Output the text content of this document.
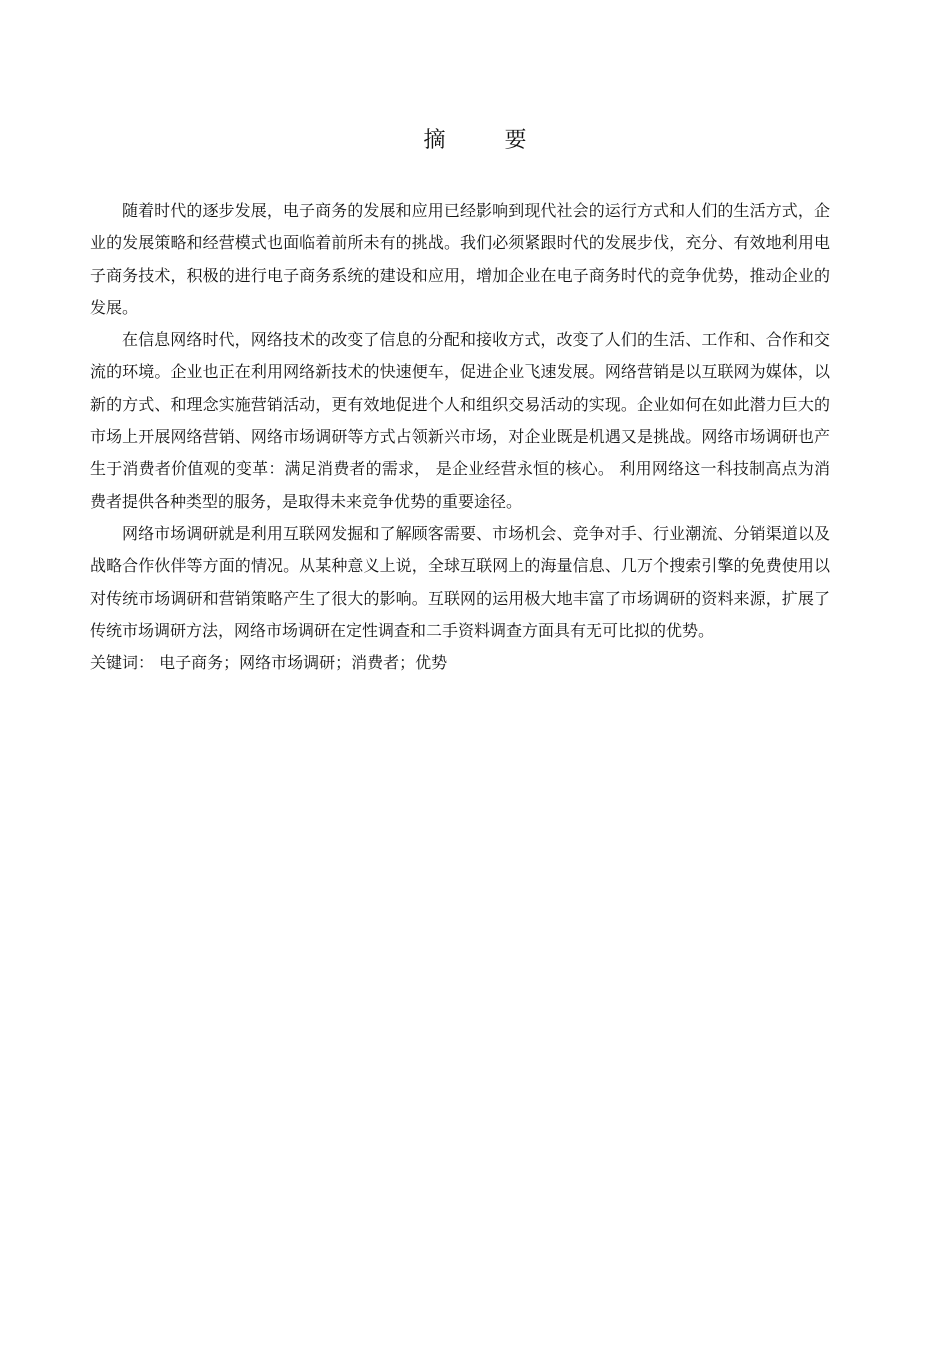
摘 要

随着时代的逐步发展，电子商务的发展和应用已经影响到现代社会的运行方式和人们的生活方式，企业的发展策略和经营模式也面临着前所未有的挑战。我们必须紧跟时代的发展步伐，充分、有效地利用电子商务技术，积极的进行电子商务系统的建设和应用，增加企业在电子商务时代的竞争优势，推动企业的发展。

在信息网络时代，网络技术的改变了信息的分配和接收方式，改变了人们的生活、工作和、合作和交流的环境。企业也正在利用网络新技术的快速便车，促进企业飞速发展。网络营销是以互联网为媒体，以新的方式、和理念实施营销活动，更有效地促进个人和组织交易活动的实现。企业如何在如此潜力巨大的市场上开展网络营销、网络市场调研等方式占领新兴市场，对企业既是机遇又是挑战。网络市场调研也产生于消费者价值观的变革：满足消费者的需求， 是企业经营永恒的核心。 利用网络这一科技制高点为消费者提供各种类型的服务，是取得未来竞争优势的重要途径。

网络市场调研就是利用互联网发掘和了解顾客需要、市场机会、竞争对手、行业潮流、分销渠道以及战略合作伙伴等方面的情况。从某种意义上说，全球互联网上的海量信息、几万个搜索引擎的免费使用以对传统市场调研和营销策略产生了很大的影响。互联网的运用极大地丰富了市场调研的资料来源，扩展了传统市场调研方法，网络市场调研在定性调查和二手资料调查方面具有无可比拟的优势。

关键词： 电子商务；网络市场调研；消费者；优势
